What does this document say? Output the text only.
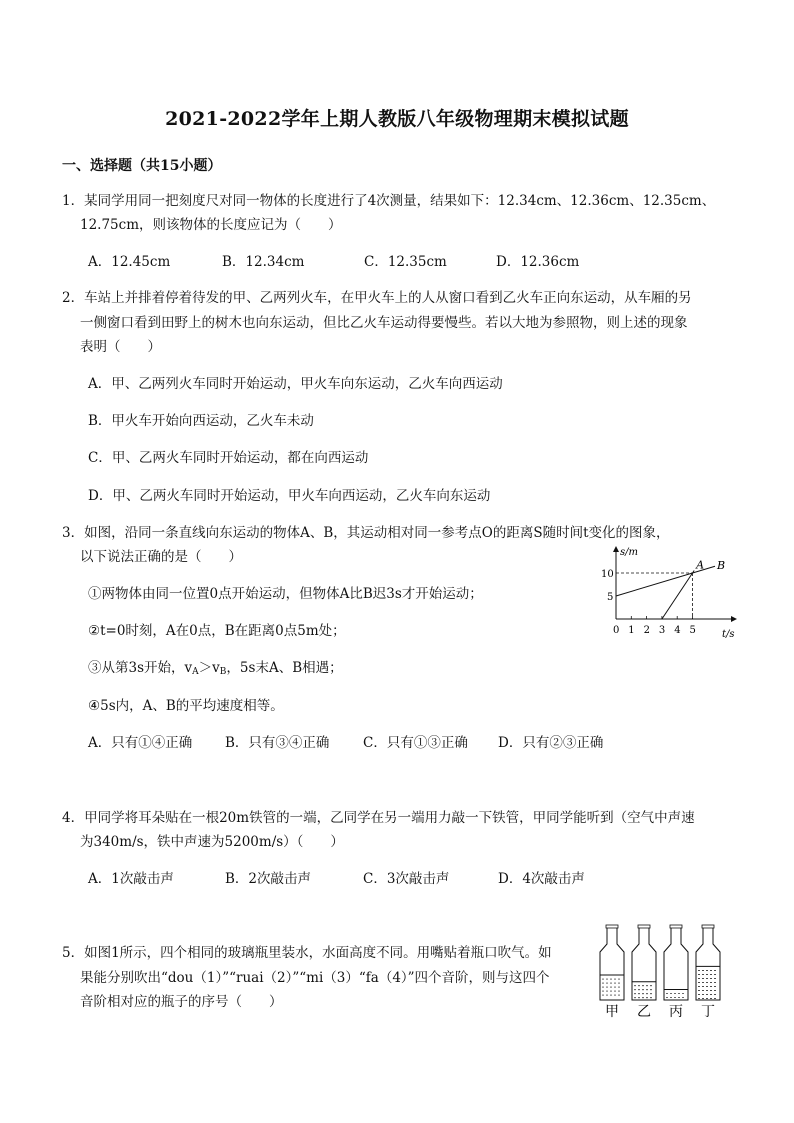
2021-2022学年上期人教版八年级物理期末模拟试题
一、选择题（共15小题）
1．某同学用同一把刻度尺对同一物体的长度进行了4次测量，结果如下：12.34cm、12.36cm、12.35cm、
12.75cm，则该物体的长度应记为（　　）
A．12.45cm	B．12.34cm	C．12.35cm	D．12.36cm
2．车站上并排着停着待发的甲、乙两列火车，在甲火车上的人从窗口看到乙火车正向东运动，从车厢的另
一侧窗口看到田野上的树木也向东运动，但比乙火车运动得要慢些。若以大地为参照物，则上述的现象
表明（　　）
A．甲、乙两列火车同时开始运动，甲火车向东运动，乙火车向西运动
B．甲火车开始向西运动，乙火车未动
C．甲、乙两火车同时开始运动，都在向西运动
D．甲、乙两火车同时开始运动，甲火车向西运动，乙火车向东运动
3．如图，沿同一条直线向东运动的物体A、B，其运动相对同一参考点O的距离S随时间t变化的图象，
以下说法正确的是（　　）
①两物体由同一位置0点开始运动，但物体A比B迟3s才开始运动；
②t=0时刻，A在0点，B在距离0点5m处；
③从第3s开始，$v_A>v_B$，5s末A、B相遇；
④5s内，A、B的平均速度相等。
A．只有①④正确 B．只有③④正确 C．只有①③正确 D．只有②③正确
s/m
t/s
0 1 2 3 4 5
10
5
A B
4．甲同学将耳朵贴在一根20m铁管的一端，乙同学在另一端用力敲一下铁管，甲同学能听到（空气中声速
为340m/s，铁中声速为5200m/s）（　　）
A．1次敲击声	B．2次敲击声	C．3次敲击声	D．4次敲击声
5．如图1所示，四个相同的玻璃瓶里装水，水面高度不同。用嘴贴着瓶口吹气。如
果能分别吹出“dou（1）”“ruai（2）”“mi（3）“fa（4）”四个音阶，则与这四个
音阶相对应的瓶子的序号（　　）
甲 乙 丙 丁
